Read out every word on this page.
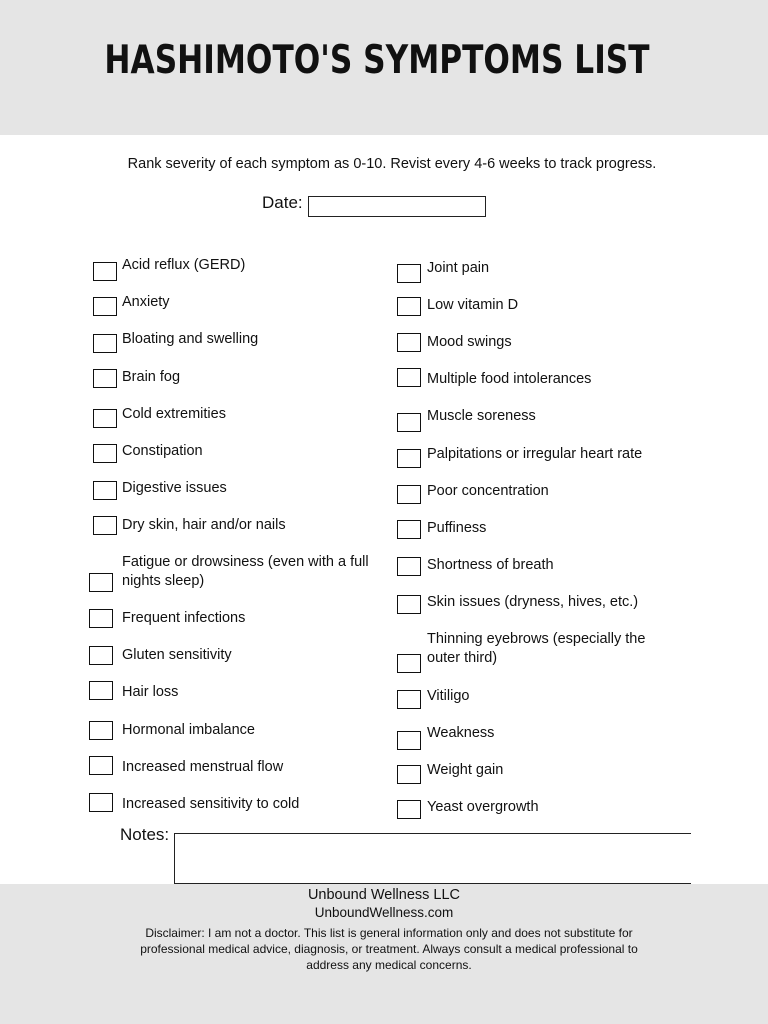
HASHIMOTO'S SYMPTOMS LIST
Rank severity of each symptom as 0-10. Revist every 4-6 weeks to track progress.
Date:
Acid reflux (GERD)
Anxiety
Bloating and swelling
Brain fog
Cold extremities
Constipation
Digestive issues
Dry skin, hair and/or nails
Fatigue or drowsiness (even with a full nights sleep)
Frequent infections
Gluten sensitivity
Hair loss
Hormonal imbalance
Increased menstrual flow
Increased sensitivity to cold
Joint pain
Low vitamin D
Mood swings
Multiple food intolerances
Muscle soreness
Palpitations or irregular heart rate
Poor concentration
Puffiness
Shortness of breath
Skin issues (dryness, hives, etc.)
Thinning eyebrows (especially the outer third)
Vitiligo
Weakness
Weight gain
Yeast overgrowth
Notes:
Unbound Wellness LLC
UnboundWellness.com
Disclaimer: I am not a doctor. This list is general information only and does not substitute for professional medical advice, diagnosis, or treatment. Always consult a medical professional to address any medical concerns.
